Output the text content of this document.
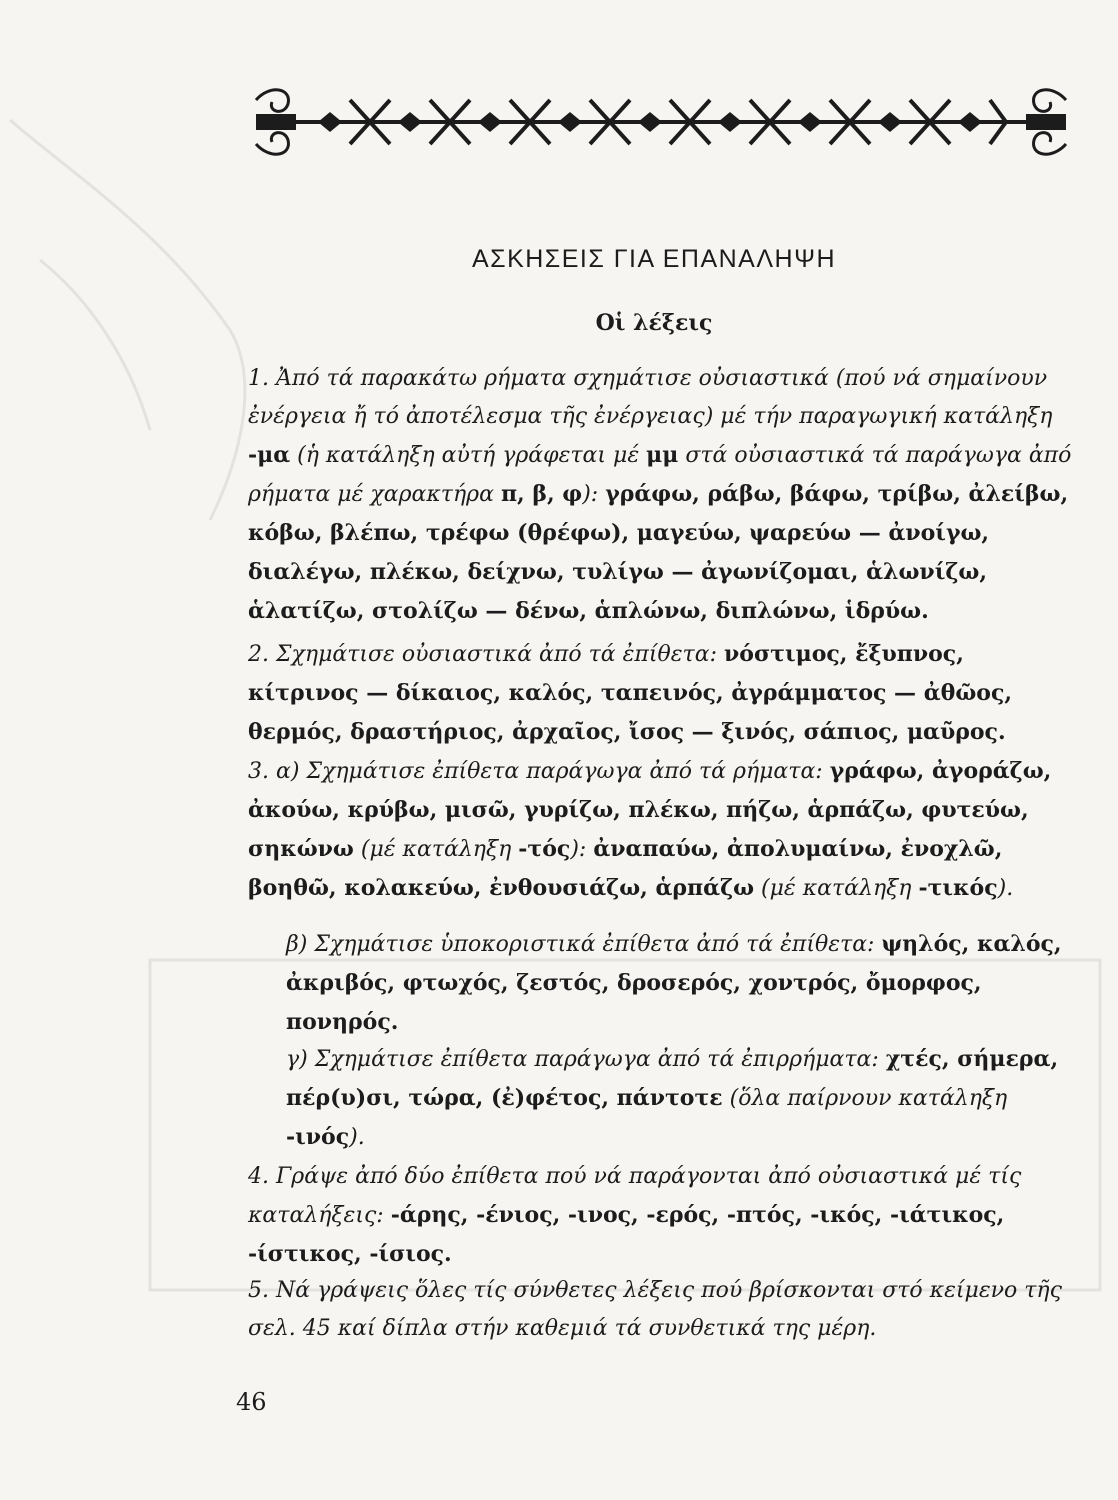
ΑΣΚΗΣΕΙΣ ΓΙΑ ΕΠΑΝΑΛΗΨΗ
Οἱ λέξεις
1. Ἀπό τά παρακάτω ρήματα σχημάτισε οὐσιαστικά (πού νά σημαίνουν ἐνέργεια ἤ τό ἀποτέλεσμα τῆς ἐνέργειας) μέ τήν παραγωγική κατάληξη -μα (ἡ κατάληξη αὐτή γράφεται μέ μμ στά οὐσιαστικά τά παράγωγα ἀπό ρήματα μέ χαρακτήρα π, β, φ): γράφω, ράβω, βάφω, τρίβω, ἀλείβω, κόβω, βλέπω, τρέφω (θρέφω), μαγεύω, ψαρεύω — ἀνοίγω, διαλέγω, πλέκω, δείχνω, τυλίγω — ἀγωνίζομαι, ἁλωνίζω, ἁλατίζω, στολίζω — δένω, ἁπλώνω, διπλώνω, ἱδρύω.
2. Σχημάτισε οὐσιαστικά ἀπό τά ἐπίθετα: νόστιμος, ἔξυπνος, κίτρινος — δίκαιος, καλός, ταπεινός, ἀγράμματος — ἀθῶος, θερμός, δραστήριος, ἀρχαῖος, ἴσος — ξινός, σάπιος, μαῦρος.
3. α) Σχημάτισε ἐπίθετα παράγωγα ἀπό τά ρήματα: γράφω, ἀγοράζω, ἀκούω, κρύβω, μισῶ, γυρίζω, πλέκω, πήζω, ἁρπάζω, φυτεύω, σηκώνω (μέ κατάληξη -τός): ἀναπαύω, ἀπολυμαίνω, ἐνοχλῶ, βοηθῶ, κολακεύω, ἐνθουσιάζω, ἁρπάζω (μέ κατάληξη -τικός).
β) Σχημάτισε ὑποκοριστικά ἐπίθετα ἀπό τά ἐπίθετα: ψηλός, καλός, ἀκριβός, φτωχός, ζεστός, δροσερός, χοντρός, ὄμορφος, πονηρός.
γ) Σχημάτισε ἐπίθετα παράγωγα ἀπό τά ἐπιρρήματα: χτές, σήμερα, πέρ(υ)σι, τώρα, (ἐ)φέτος, πάντοτε (ὅλα παίρνουν κατάληξη -ινός).
4. Γράψε ἀπό δύο ἐπίθετα πού νά παράγονται ἀπό οὐσιαστικά μέ τίς καταλήξεις: -άρης, -ένιος, -ινος, -ερός, -πτός, -ικός, -ιάτικος, -ίστικος, -ίσιος.
5. Νά γράψεις ὅλες τίς σύνθετες λέξεις πού βρίσκονται στό κείμενο τῆς σελ. 45 καί δίπλα στήν καθεμιά τά συνθετικά της μέρη.
46
